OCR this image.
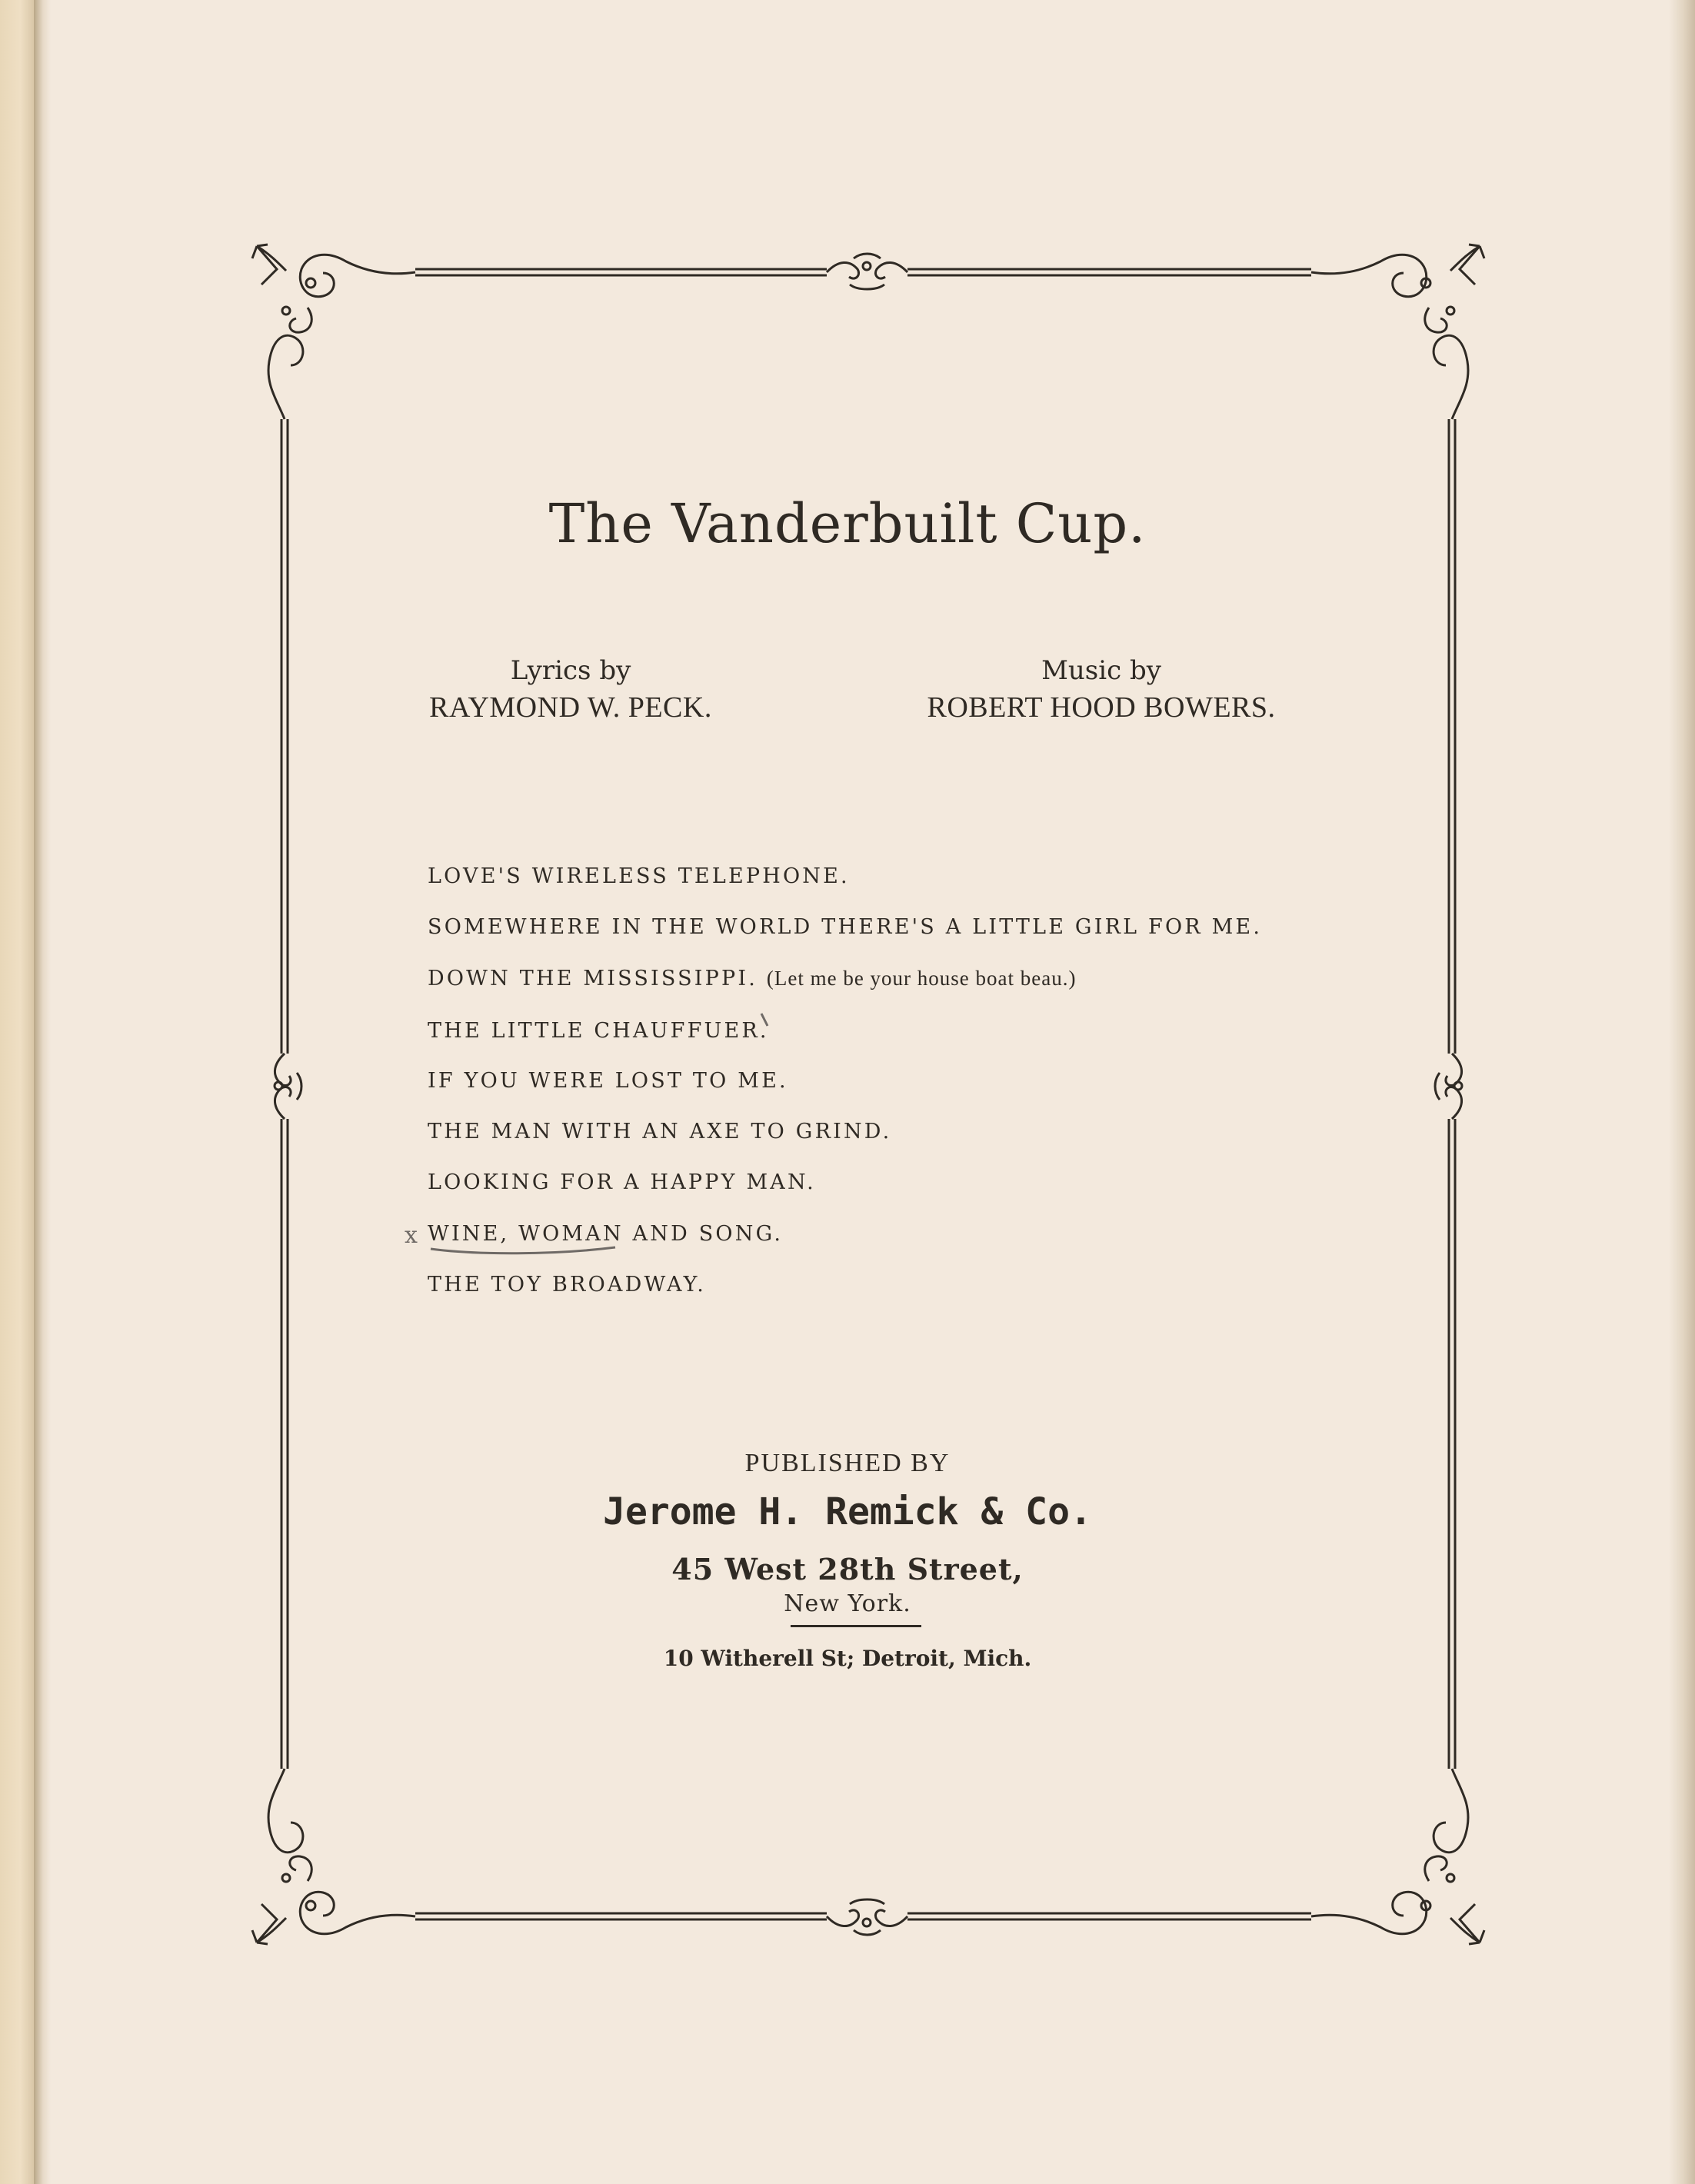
The Vanderbuilt Cup.
Lyrics by
RAYMOND W. PECK.
Music by
ROBERT HOOD BOWERS.
LOVE'S WIRELESS TELEPHONE.
SOMEWHERE IN THE WORLD THERE'S A LITTLE GIRL FOR ME.
DOWN THE MISSISSIPPI. (Let me be your house boat beau.)
THE LITTLE CHAUFFUER.
IF YOU WERE LOST TO ME.
THE MAN WITH AN AXE TO GRIND.
LOOKING FOR A HAPPY MAN.
x WINE, WOMAN AND SONG.
THE TOY BROADWAY.
PUBLISHED BY
Jerome H. Remick & Co.
45 West 28th Street,
New York.
10 Witherell St; Detroit, Mich.
